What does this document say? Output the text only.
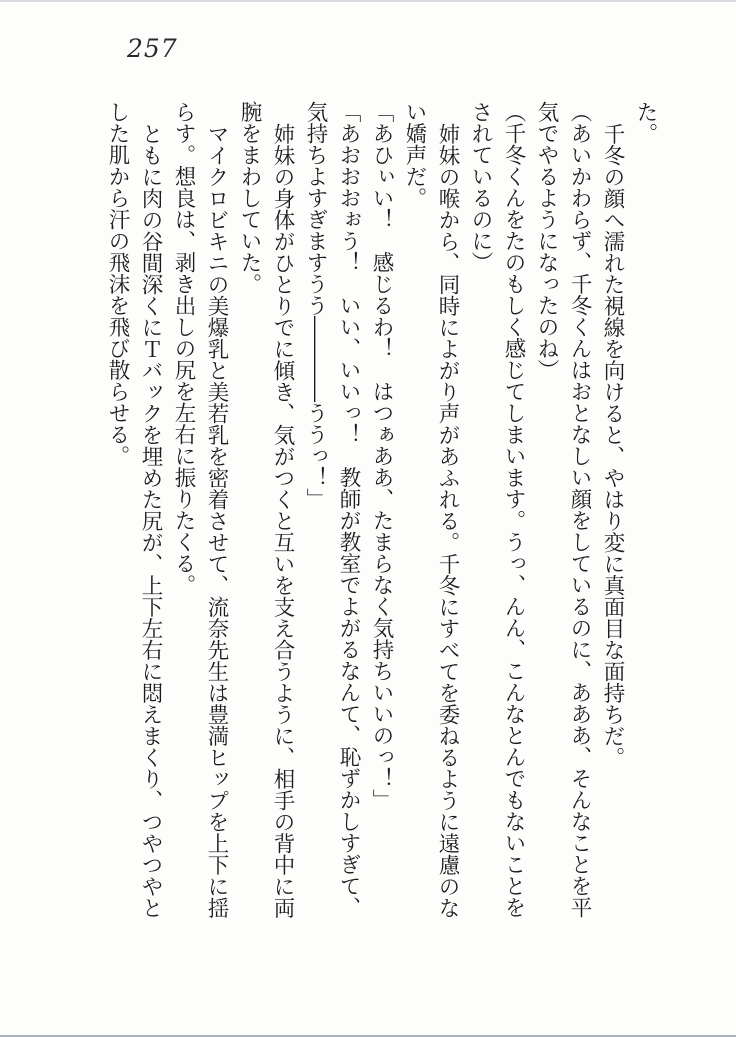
257
た。
千冬の顔へ濡れた視線を向けると、やはり変に真面目な面持ちだ。
（あいかわらず、千冬くんはおとなしい顔をしているのに、あああ、そんなことを平
気でやるようになったのね）
（千冬くんをたのもしく感じてしまいます。うっ、んん、こんなとんでもないことを
されているのに）
姉妹の喉から、同時によがり声があふれる。千冬にすべてを委ねるように遠慮のな
い嬌声だ。
「あひぃい！　感じるわ！　はつぁああ、たまらなく気持ちいいのっ！」
「あおおおぉう！　いい、いいっ！　教師が教室でよがるなんて、恥ずかしすぎて、
気持ちよすぎますうう――――ううっ！」
姉妹の身体がひとりでに傾き、気がつくと互いを支え合うように、相手の背中に両
腕をまわしていた。
マイクロビキニの美爆乳と美若乳を密着させて、流奈先生は豊満ヒップを上下に揺
らす。想良は、剥き出しの尻を左右に振りたくる。
ともに肉の谷間深くにＴバックを埋めた尻が、上下左右に悶えまくり、つやつやと
した肌から汗の飛沫を飛び散らせる。
